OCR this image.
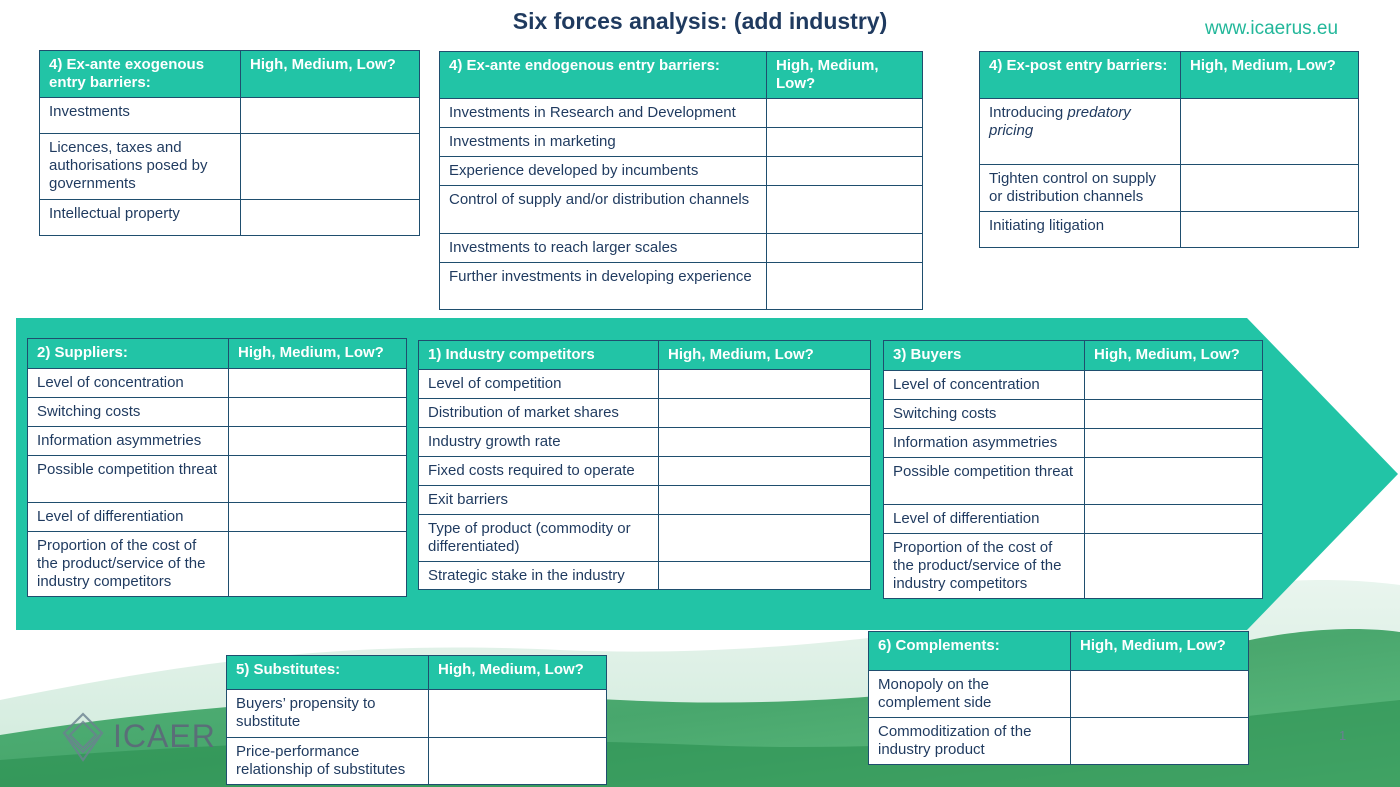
Six forces analysis: (add industry)	www.icaerus.eu
4) Ex-ante exogenous entry barriers:	High, Medium, Low?
Investments	
Licences, taxes and authorisations posed by governments	
Intellectual property	
4) Ex-ante endogenous entry barriers:	High, Medium, Low?
Investments in Research and Development	
Investments in marketing	
Experience developed by incumbents	
Control of supply and/or distribution channels	
Investments to reach larger scales	
Further investments in developing experience	
4) Ex-post entry barriers:	High, Medium, Low?
Introducing predatory pricing	
Tighten control on supply or distribution channels	
Initiating litigation	
2) Suppliers:	High, Medium, Low?
Level of concentration	
Switching costs	
Information asymmetries	
Possible competition threat	
Level of differentiation	
Proportion of the cost of the product/service of the industry competitors	
1) Industry competitors	High, Medium, Low?
Level of competition	
Distribution of market shares	
Industry growth rate	
Fixed costs required to operate	
Exit barriers	
Type of product (commodity or differentiated)	
Strategic stake in the industry	
3) Buyers	High, Medium, Low?
Level of concentration	
Switching costs	
Information asymmetries	
Possible competition threat	
Level of differentiation	
Proportion of the cost of the product/service of the industry competitors	
5) Substitutes:	High, Medium, Low?
Buyers’ propensity to substitute	
Price-performance relationship of substitutes	
6) Complements:	High, Medium, Low?
Monopoly on the complement side	
Commoditization of the industry product	
ICAER	1
